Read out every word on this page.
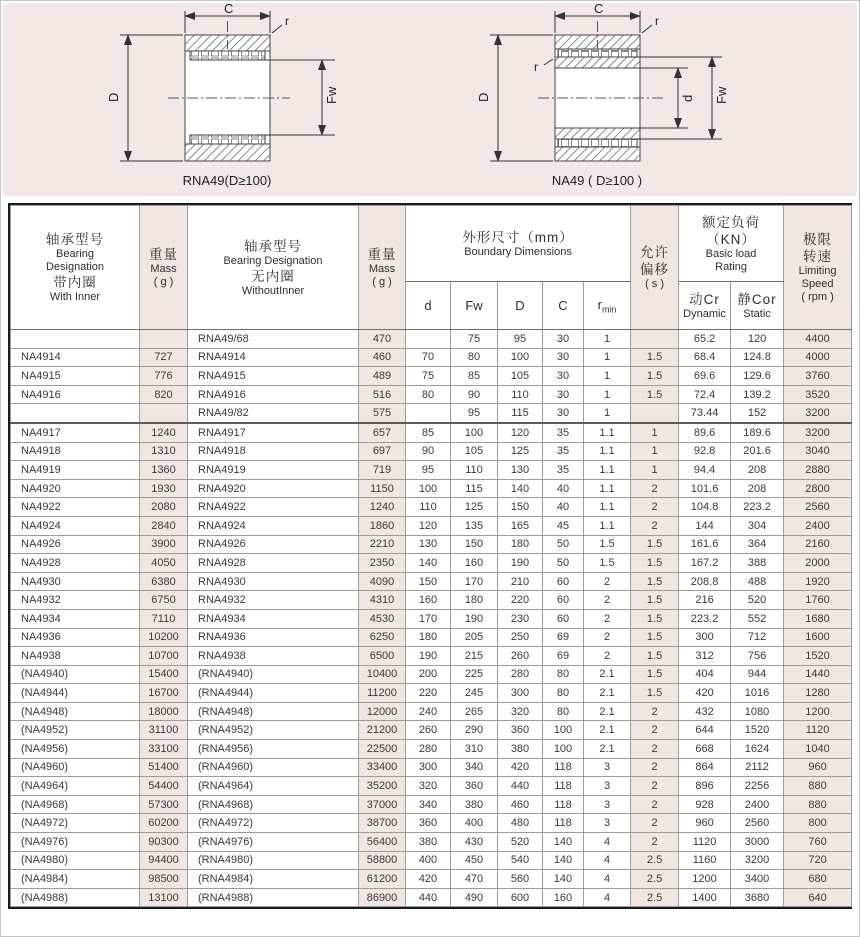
C
r
D	Fw
RNA49(D≥100)
C
r
r
D	d Fw
NA49 ( D≥100 )
轴承型号
Bearing
Designation
带内圈
With Inner

重量
Mass
( g )

轴承型号
Bearing Designation
无内圈
WithoutInner

重量
Mass
( g )

外形尺寸（mm）
Boundary Dimensions	允许
偏移
( s )

额定负荷
（KN）
Basic load
Rating

极限
转速
Limiting
Speed
( rpm )

d	Fw	D	C	$r_{min}$	
动Cr
Dynamic

静Cor
Static

		RNA49/68	470		75	95	30	1		65.2	120	4400
NA4914	727	RNA4914	460	70	80	100	30	1	1.5	68.4	124.8	4000
NA4915	776	RNA4915	489	75	85	105	30	1	1.5	69.6	129.6	3760
NA4916	820	RNA4916	516	80	90	110	30	1	1.5	72.4	139.2	3520
		RNA49/82	575		95	115	30	1		73.44	152	3200
NA4917	1240	RNA4917	657	85	100	120	35	1.1	1	89.6	189.6	3200
NA4918	1310	RNA4918	697	90	105	125	35	1.1	1	92.8	201.6	3040
NA4919	1360	RNA4919	719	95	110	130	35	1.1	1	94.4	208	2880
NA4920	1930	RNA4920	1150	100	115	140	40	1.1	2	101.6	208	2800
NA4922	2080	RNA4922	1240	110	125	150	40	1.1	2	104.8	223.2	2560
NA4924	2840	RNA4924	1860	120	135	165	45	1.1	2	144	304	2400
NA4926	3900	RNA4926	2210	130	150	180	50	1.5	1.5	161.6	364	2160
NA4928	4050	RNA4928	2350	140	160	190	50	1.5	1.5	167.2	388	2000
NA4930	6380	RNA4930	4090	150	170	210	60	2	1.5	208.8	488	1920
NA4932	6750	RNA4932	4310	160	180	220	60	2	1.5	216	520	1760
NA4934	7110	RNA4934	4530	170	190	230	60	2	1.5	223.2	552	1680
NA4936	10200	RNA4936	6250	180	205	250	69	2	1.5	300	712	1600
NA4938	10700	RNA4938	6500	190	215	260	69	2	1.5	312	756	1520
(NA4940)	15400	(RNA4940)	10400	200	225	280	80	2.1	1.5	404	944	1440
(NA4944)	16700	(RNA4944)	11200	220	245	300	80	2.1	1.5	420	1016	1280
(NA4948)	18000	(RNA4948)	12000	240	265	320	80	2.1	2	432	1080	1200
(NA4952)	31100	(RNA4952)	21200	260	290	360	100	2.1	2	644	1520	1120
(NA4956)	33100	(RNA4956)	22500	280	310	380	100	2.1	2	668	1624	1040
(NA4960)	51400	(RNA4960)	33400	300	340	420	118	3	2	864	2112	960
(NA4964)	54400	(RNA4964)	35200	320	360	440	118	3	2	896	2256	880
(NA4968)	57300	(RNA4968)	37000	340	380	460	118	3	2	928	2400	880
(NA4972)	60200	(RNA4972)	38700	360	400	480	118	3	2	960	2560	800
(NA4976)	90300	(RNA4976)	56400	380	430	520	140	4	2	1120	3000	760
(NA4980)	94400	(RNA4980)	58800	400	450	540	140	4	2.5	1160	3200	720
(NA4984)	98500	(RNA4984)	61200	420	470	560	140	4	2.5	1200	3400	680
(NA4988)	13100	(RNA4988)	86900	440	490	600	160	4	2.5	1400	3680	640
